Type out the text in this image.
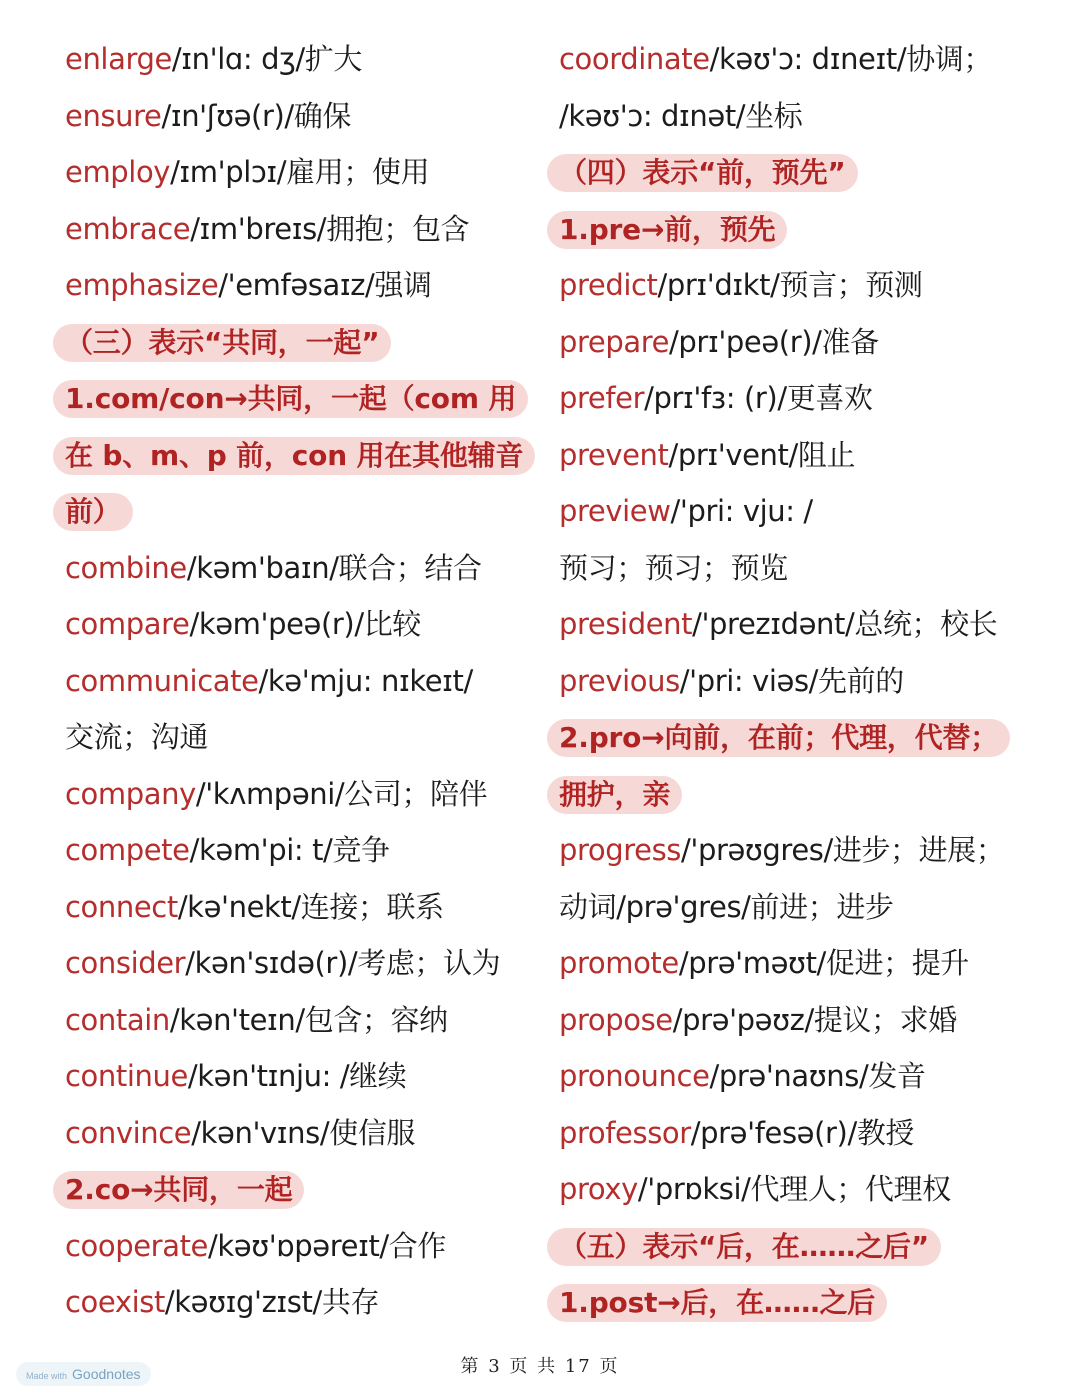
enlarge/ɪn'lɑ: dʒ/扩大
ensure/ɪn'ʃʊə(r)/确保
employ/ɪm'plɔɪ/雇用；使用
embrace/ɪm'breɪs/拥抱；包含
emphasize/'emfəsaɪz/强调
（三）表示“共同，一起”
1.com/con→共同，一起（com 用
在 b、m、p 前，con 用在其他辅音
前）
combine/kəm'baɪn/联合；结合
compare/kəm'peə(r)/比较
communicate/kə'mju: nɪkeɪt/
交流；沟通
company/'kʌmpəni/公司；陪伴
compete/kəm'pi: t/竞争
connect/kə'nekt/连接；联系
consider/kən'sɪdə(r)/考虑；认为
contain/kən'teɪn/包含；容纳
continue/kən'tɪnju: /继续
convince/kən'vɪns/使信服
2.co→共同，一起
cooperate/kəʊ'ɒpəreɪt/合作
coexist/kəʊɪg'zɪst/共存
coordinate/kəʊ'ɔ: dɪneɪt/协调；
/kəʊ'ɔ: dɪnət/坐标
（四）表示“前，预先”
1.pre→前，预先
predict/prɪ'dɪkt/预言；预测
prepare/prɪ'peə(r)/准备
prefer/prɪ'fɜ: (r)/更喜欢
prevent/prɪ'vent/阻止
preview/'pri: vju: /
预习；预习；预览
president/'prezɪdənt/总统；校长
previous/'pri: viəs/先前的
2.pro→向前，在前；代理，代替；
拥护，亲
progress/'prəʊgres/进步；进展；
动词/prə'gres/前进；进步
promote/prə'məʊt/促进；提升
propose/prə'pəʊz/提议；求婚
pronounce/prə'naʊns/发音
professor/prə'fesə(r)/教授
proxy/'prɒksi/代理人；代理权
（五）表示“后，在……之后”
1.post→后，在……之后
第 3 页 共 17 页
Made with Goodnotes
